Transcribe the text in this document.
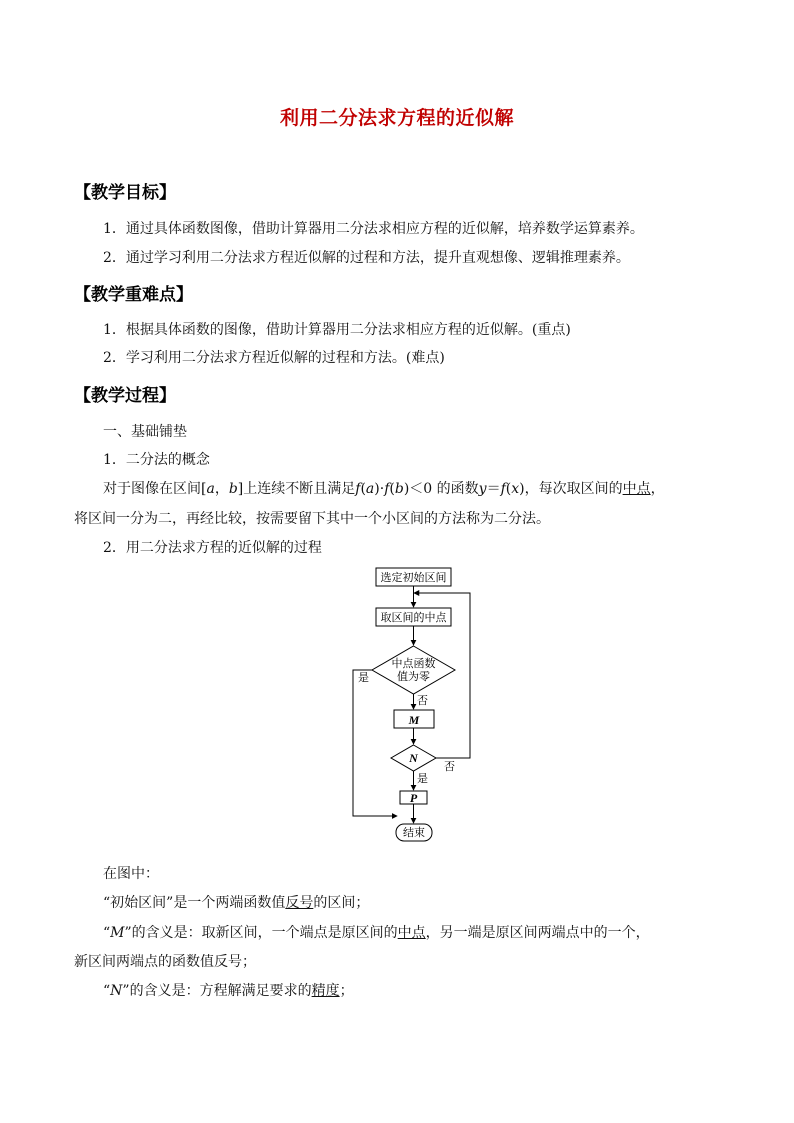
利用二分法求方程的近似解
【教学目标】
1．通过具体函数图像，借助计算器用二分法求相应方程的近似解，培养数学运算素养。
2．通过学习利用二分法求方程近似解的过程和方法，提升直观想像、逻辑推理素养。
【教学重难点】
1．根据具体函数的图像，借助计算器用二分法求相应方程的近似解。(重点)
2．学习利用二分法求方程近似解的过程和方法。(难点)
【教学过程】
一、基础铺垫
1．二分法的概念
对于图像在区间[a，b]上连续不断且满足f(a)·f(b)＜0 的函数y＝f(x)，每次取区间的中点，
将区间一分为二，再经比较，按需要留下其中一个小区间的方法称为二分法。
2．用二分法求方程的近似解的过程
选定初始区间
取区间的中点
中点函数
值为零
是
否
M
N
否
是
P
结束
在图中：
“初始区间”是一个两端函数值反号的区间；
“M”的含义是：取新区间，一个端点是原区间的中点，另一端是原区间两端点中的一个，
新区间两端点的函数值反号；
“N”的含义是：方程解满足要求的精度；
